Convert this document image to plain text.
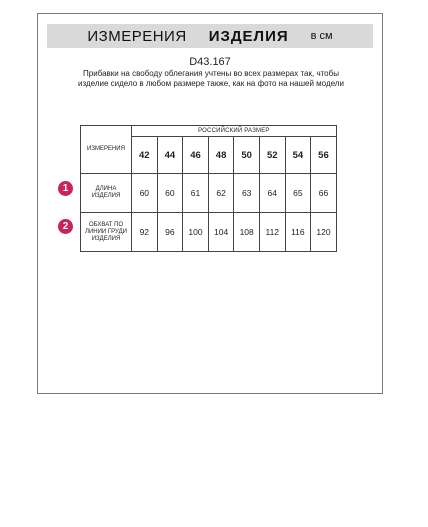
ИЗМЕРЕНИЯ ИЗДЕЛИЯ в см
D43.167
Прибавки на свободу облегания учтены во всех размерах так, чтобы изделие сидело в любом размере также, как на фото на нашей модели
ИЗМЕРЕНИЯ	РОССИЙСКИЙ РАЗМЕР							
	42	44	46	48	50	52	54	56
ДЛИНА ИЗДЕЛИЯ	60	60	61	62	63	64	65	66
ОБХВАТ ПО ЛИНИИ ГРУДИ ИЗДЕЛИЯ	92	96	100	104	108	112	116	120
1
2
